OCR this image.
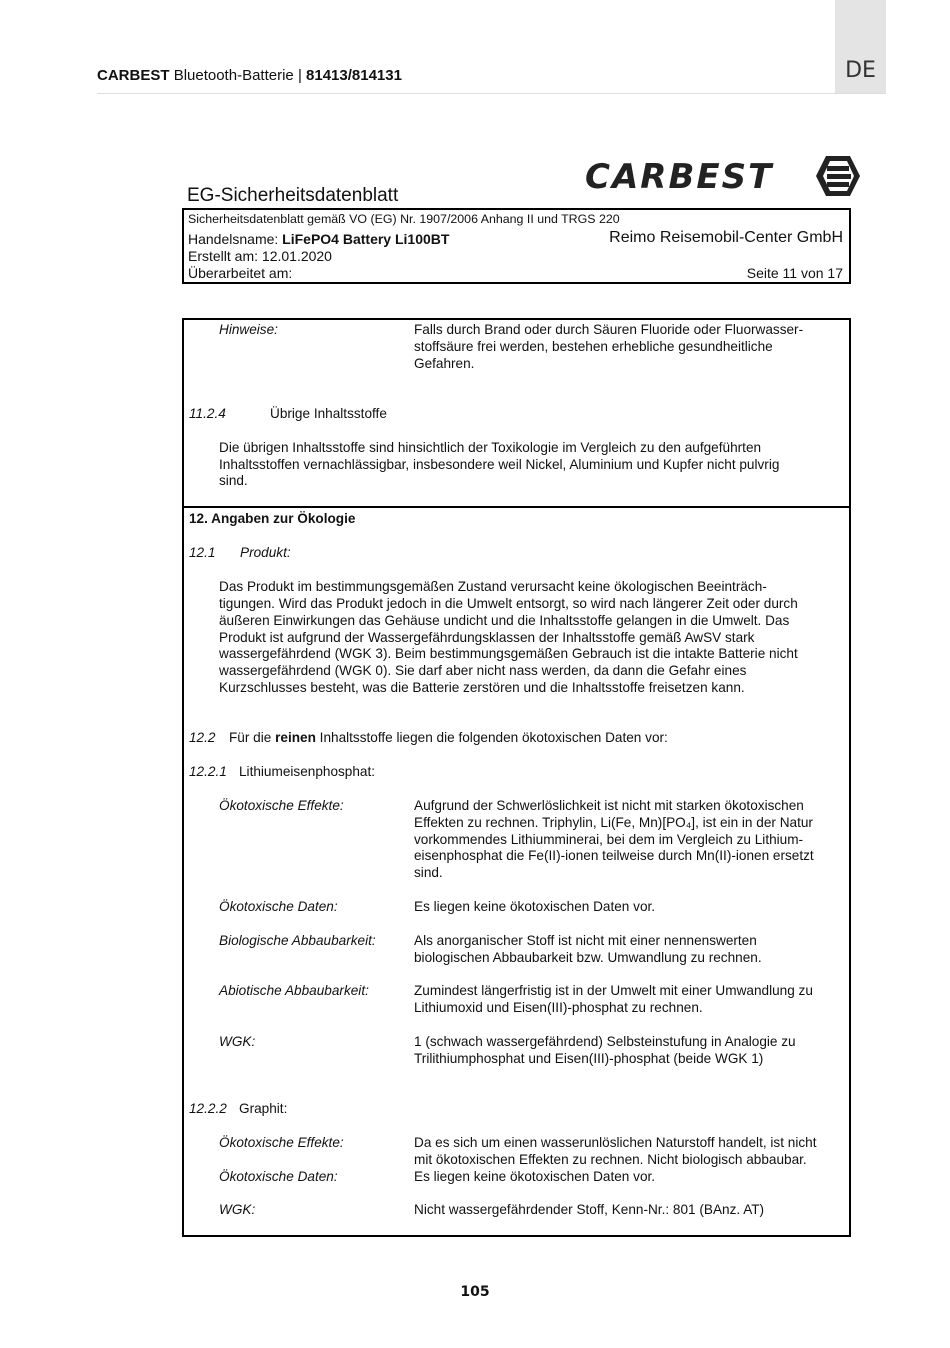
DE
CARBEST Bluetooth-Batterie | 81413/814131
EG-Sicherheitsdatenblatt	CARBEST
Sicherheitsdatenblatt gemäß VO (EG) Nr. 1907/2006 Anhang II und TRGS 220
Handelsname: LiFePO4 Battery Li100BT	Reimo Reisemobil-Center GmbH
Erstellt am: 12.01.2020
Überarbeitet am:	Seite 11 von 17
Hinweise:	Falls durch Brand oder durch Säuren Fluoride oder Fluorwasser-
stoffsäure frei werden, bestehen erhebliche gesundheitliche
Gefahren.
11.2.4	Übrige Inhaltsstoffe
Die übrigen Inhaltsstoffe sind hinsichtlich der Toxikologie im Vergleich zu den aufgeführten
Inhaltsstoffen vernachlässigbar, insbesondere weil Nickel, Aluminium und Kupfer nicht pulvrig
sind.
12. Angaben zur Ökologie
12.1 Produkt:
Das Produkt im bestimmungsgemäßen Zustand verursacht keine ökologischen Beeinträch-
tigungen. Wird das Produkt jedoch in die Umwelt entsorgt, so wird nach längerer Zeit oder durch
äußeren Einwirkungen das Gehäuse undicht und die Inhaltsstoffe gelangen in die Umwelt. Das
Produkt ist aufgrund der Wassergefährdungsklassen der Inhaltsstoffe gemäß AwSV stark
wassergefährdend (WGK 3). Beim bestimmungsgemäßen Gebrauch ist die intakte Batterie nicht
wassergefährdend (WGK 0). Sie darf aber nicht nass werden, da dann die Gefahr eines
Kurzschlusses besteht, was die Batterie zerstören und die Inhaltsstoffe freisetzen kann.
12.2 Für die reinen Inhaltsstoffe liegen die folgenden ökotoxischen Daten vor:
12.2.1 Lithiumeisenphosphat:
Ökotoxische Effekte:	Aufgrund der Schwerlöslichkeit ist nicht mit starken ökotoxischen
Effekten zu rechnen. Triphylin, Li(Fe, Mn)[PO₄], ist ein in der Natur
vorkommendes Lithiumminerai, bei dem im Vergleich zu Lithium-
eisenphosphat die Fe(II)-ionen teilweise durch Mn(II)-ionen ersetzt
sind.
Ökotoxische Daten:	Es liegen keine ökotoxischen Daten vor.
Biologische Abbaubarkeit:	Als anorganischer Stoff ist nicht mit einer nennenswerten
biologischen Abbaubarkeit bzw. Umwandlung zu rechnen.
Abiotische Abbaubarkeit:	Zumindest längerfristig ist in der Umwelt mit einer Umwandlung zu
Lithiumoxid und Eisen(III)-phosphat zu rechnen.
WGK:	1 (schwach wassergefährdend) Selbsteinstufung in Analogie zu
Trilithiumphosphat und Eisen(III)-phosphat (beide WGK 1)
12.2.2 Graphit:
Ökotoxische Effekte:	Da es sich um einen wasserunlöslichen Naturstoff handelt, ist nicht
mit ökotoxischen Effekten zu rechnen. Nicht biologisch abbaubar.
Ökotoxische Daten:	Es liegen keine ökotoxischen Daten vor.
WGK:	Nicht wassergefährdender Stoff, Kenn-Nr.: 801 (BAnz. AT)
105
